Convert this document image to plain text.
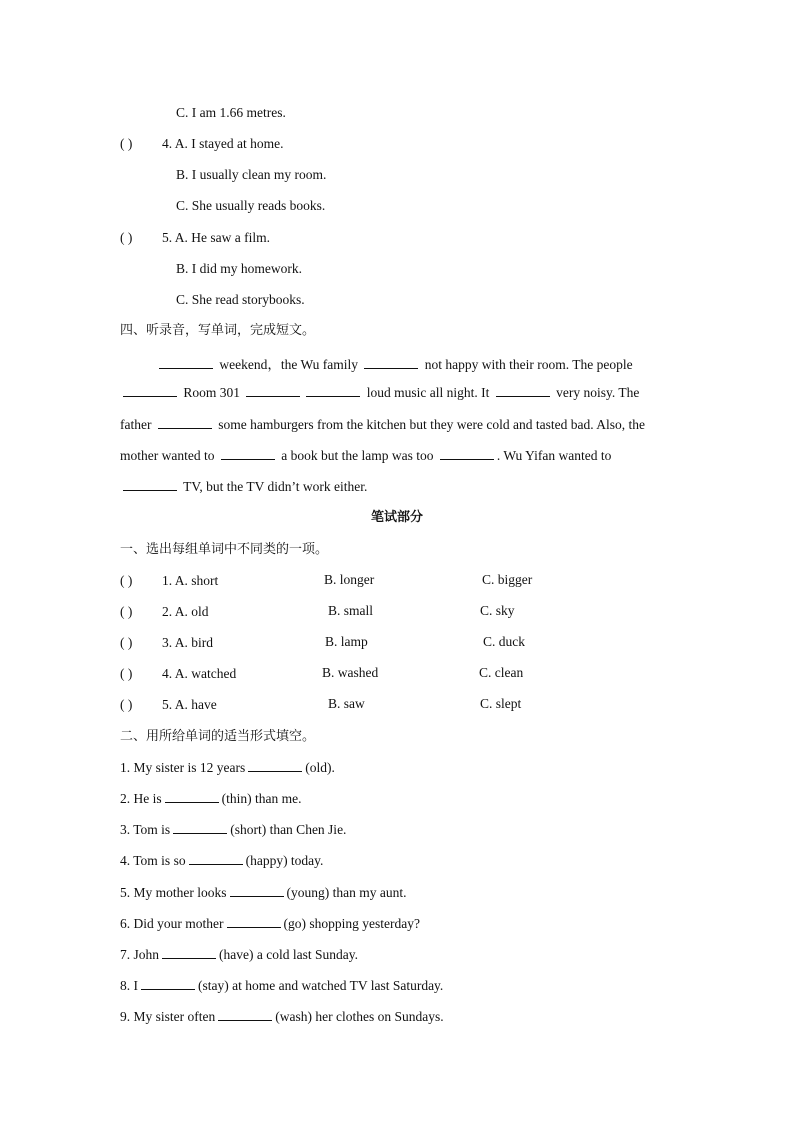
C. I am 1.66 metres.
( ) 4. A. I stayed at home.
B. I usually clean my room.
C. She usually reads books.
( ) 5. A. He saw a film.
B. I did my homework.
C. She read storybooks.
四、听录音，写单词，完成短文。
weekend，the Wu family	not happy with their room. The people
Room 301	loud music all night. It	very noisy. The
father	some hamburgers from the kitchen but they were cold and tasted bad. Also, the
mother wanted to	a book but the lamp was too	. Wu Yifan wanted to
TV, but the TV didn’t work either.
笔试部分
一、选出每组单词中不同类的一项。
( ) 1. A. short	B. longer	C. bigger
( ) 2. A. old	B. small	C. sky
( ) 3. A. bird	B. lamp	C. duck
( ) 4. A. watched	B. washed	C. clean
( ) 5. A. have	B. saw	C. slept
二、用所给单词的适当形式填空。
1. My sister is 12 years	(old).
2. He is	(thin) than me.
3. Tom is	(short) than Chen Jie.
4. Tom is so	(happy) today.
5. My mother looks	(young) than my aunt.
6. Did your mother	(go) shopping yesterday?
7. John	(have) a cold last Sunday.
8. I	(stay) at home and watched TV last Saturday.
9. My sister often	(wash) her clothes on Sundays.
